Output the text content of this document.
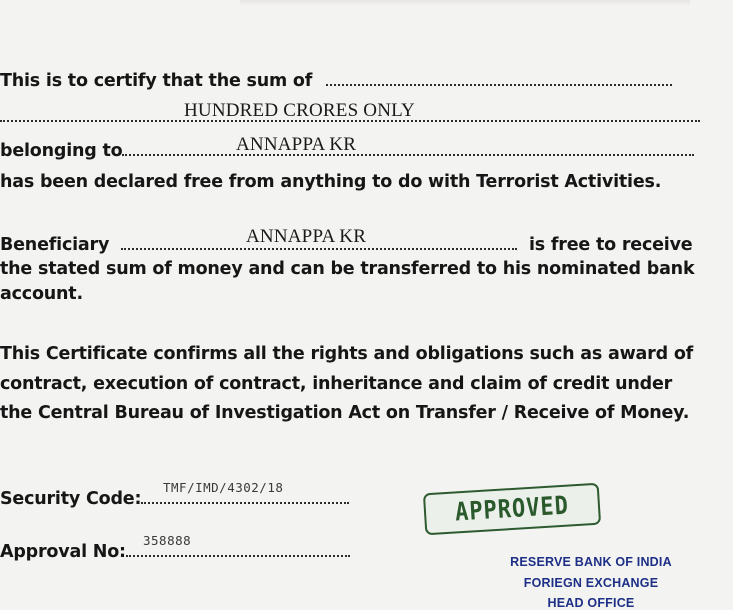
This is to certify that the sum of
HUNDRED CRORES ONLY
belonging to	ANNAPPA KR
has been declared free from anything to do with Terrorist Activities.
Beneficiary	is free to receive
ANNAPPA KR
the stated sum of money and can be transferred to his nominated bank
account.
This Certificate confirms all the rights and obligations such as award of
contract, execution of contract, inheritance and claim of credit under
the Central Bureau of Investigation Act on Transfer / Receive of Money.
Security Code:
TMF/IMD/4302/18
Approval No:
358888
APPROVED
RESERVE BANK OF INDIA
FORIEGN EXCHANGE
HEAD OFFICE
